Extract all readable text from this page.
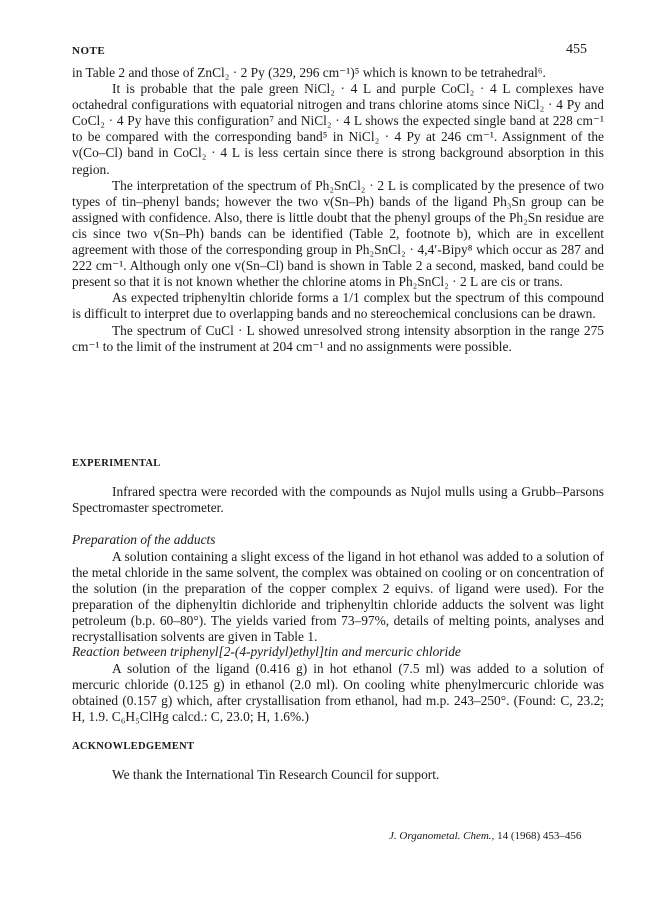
NOTE	455

in Table 2 and those of ZnCl₂ · 2 Py (329, 296 cm⁻¹)⁵ which is known to be tetrahedral⁶.

It is probable that the pale green NiCl₂ · 4 L and purple CoCl₂ · 4 L complexes have octahedral configurations with equatorial nitrogen and trans chlorine atoms since NiCl₂ · 4 Py and CoCl₂ · 4 Py have this configuration⁷ and NiCl₂ · 4 L shows the expected single band at 228 cm⁻¹ to be compared with the corresponding band⁵ in NiCl₂ · 4 Py at 246 cm⁻¹. Assignment of the v(Co–Cl) band in CoCl₂ · 4 L is less certain since there is strong background absorption in this region.

The interpretation of the spectrum of Ph₂SnCl₂ · 2 L is complicated by the presence of two types of tin–phenyl bands; however the two v(Sn–Ph) bands of the ligand Ph₃Sn group can be assigned with confidence. Also, there is little doubt that the phenyl groups of the Ph₂Sn residue are cis since two v(Sn–Ph) bands can be identified (Table 2, footnote b), which are in excellent agreement with those of the corresponding group in Ph₂SnCl₂ · 4,4′-Bipy⁸ which occur as 287 and 222 cm⁻¹. Although only one v(Sn–Cl) band is shown in Table 2 a second, masked, band could be present so that it is not known whether the chlorine atoms in Ph₂SnCl₂ · 2 L are cis or trans.

As expected triphenyltin chloride forms a 1/1 complex but the spectrum of this compound is difficult to interpret due to overlapping bands and no stereochemical conclusions can be drawn.

The spectrum of CuCl · L showed unresolved strong intensity absorption in the range 275 cm⁻¹ to the limit of the instrument at 204 cm⁻¹ and no assignments were possible.

EXPERIMENTAL

Infrared spectra were recorded with the compounds as Nujol mulls using a Grubb–Parsons Spectromaster spectrometer.

Preparation of the adducts

A solution containing a slight excess of the ligand in hot ethanol was added to a solution of the metal chloride in the same solvent, the complex was obtained on cooling or on concentration of the solution (in the preparation of the copper complex 2 equivs. of ligand were used). For the preparation of the diphenyltin dichloride and triphenyltin chloride adducts the solvent was light petroleum (b.p. 60–80°). The yields varied from 73–97%, details of melting points, analyses and recrystallisation solvents are given in Table 1.

Reaction between triphenyl[2-(4-pyridyl)ethyl]tin and mercuric chloride

A solution of the ligand (0.416 g) in hot ethanol (7.5 ml) was added to a solution of mercuric chloride (0.125 g) in ethanol (2.0 ml). On cooling white phenylmercuric chloride was obtained (0.157 g) which, after crystallisation from ethanol, had m.p. 243–250°. (Found: C, 23.2; H, 1.9. C₆H₅ClHg calcd.: C, 23.0; H, 1.6%.)

ACKNOWLEDGEMENT

We thank the International Tin Research Council for support.

J. Organometal. Chem., 14 (1968) 453–456
